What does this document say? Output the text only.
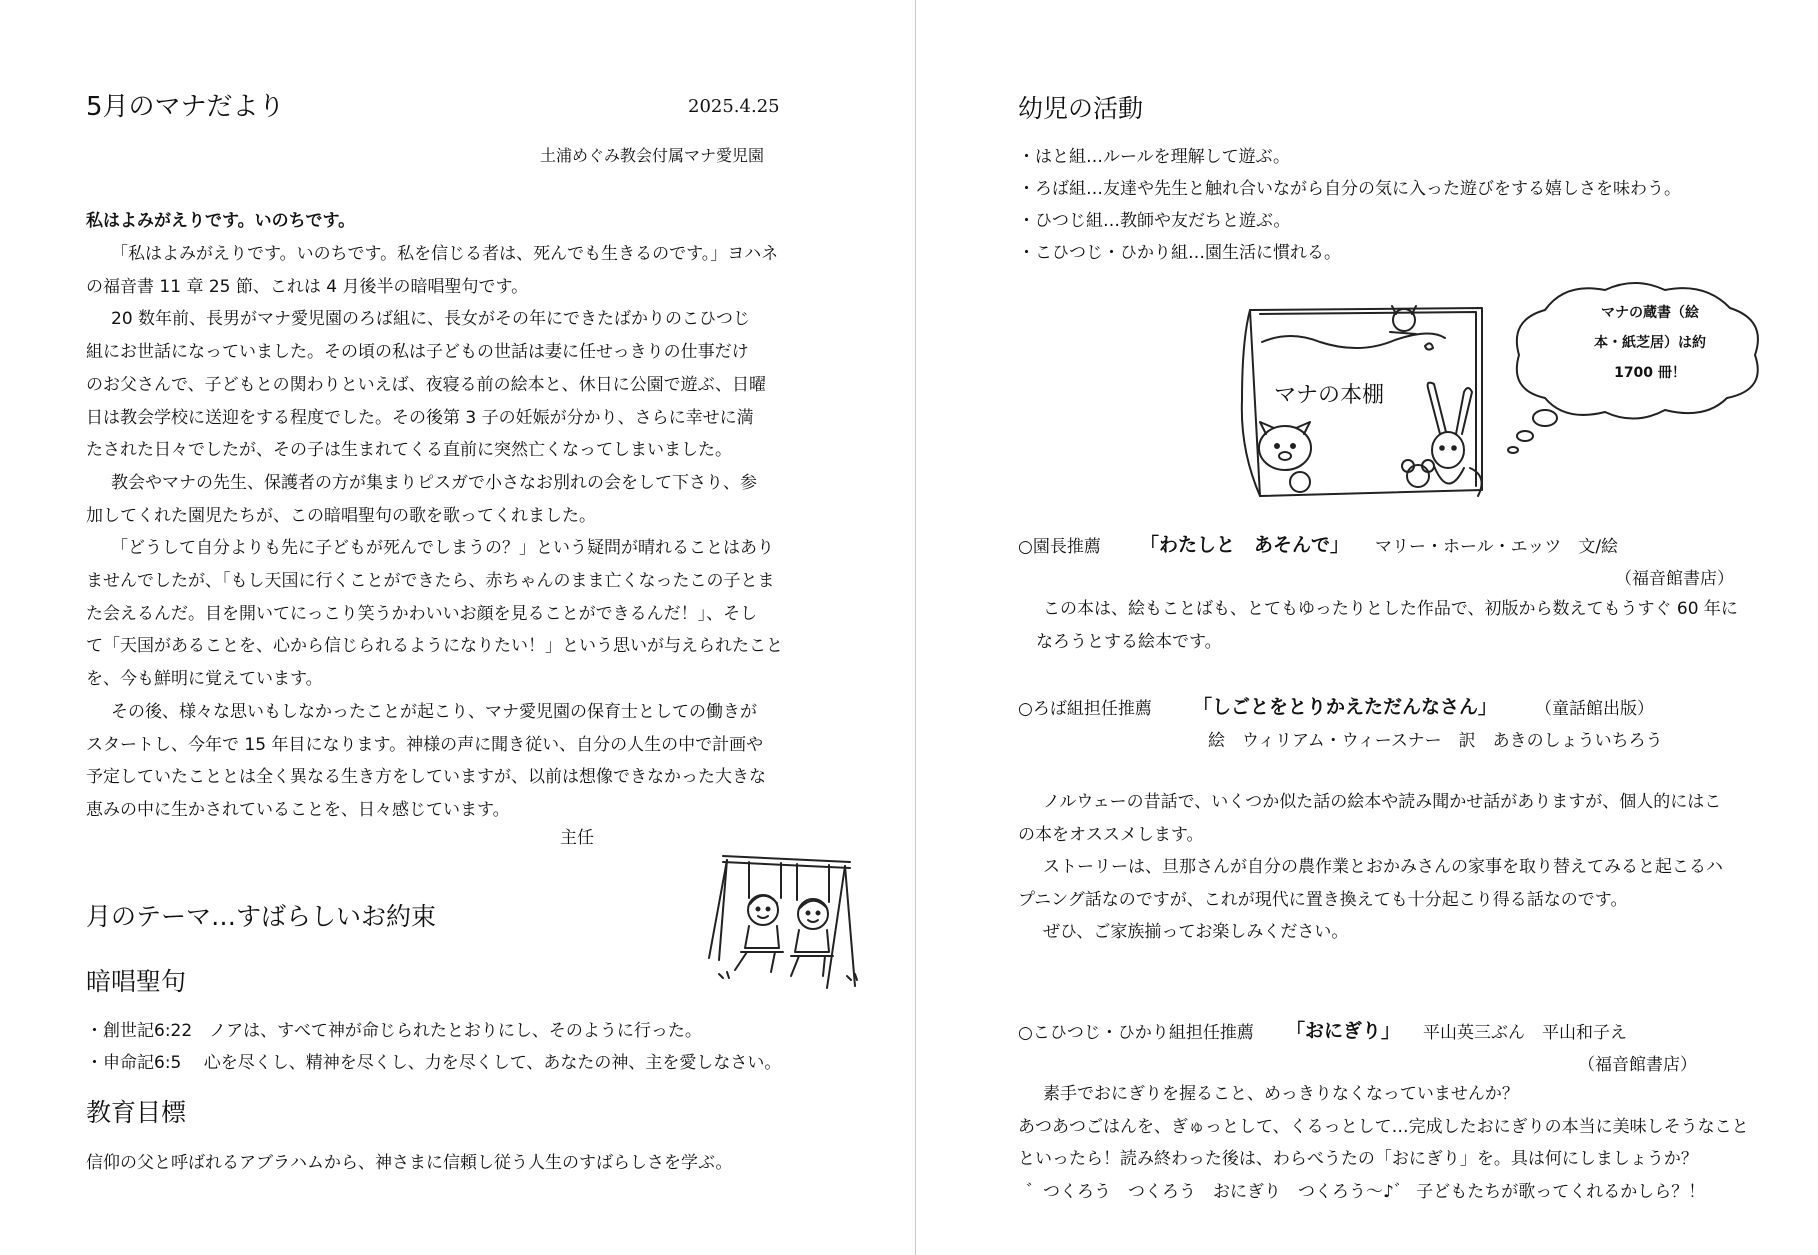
5月のマナだより	2025.4.25
土浦めぐみ教会付属マナ愛児園
私はよみがえりです。いのちです。
「私はよみがえりです。いのちです。私を信じる者は、死んでも生きるのです。」ヨハネ
の福音書 11 章 25 節、これは 4 月後半の暗唱聖句です。
20 数年前、長男がマナ愛児園のろば組に、長女がその年にできたばかりのこひつじ
組にお世話になっていました。その頃の私は子どもの世話は妻に任せっきりの仕事だけ
のお父さんで、子どもとの関わりといえば、夜寝る前の絵本と、休日に公園で遊ぶ、日曜
日は教会学校に送迎をする程度でした。その後第 3 子の妊娠が分かり、さらに幸せに満
たされた日々でしたが、その子は生まれてくる直前に突然亡くなってしまいました。
教会やマナの先生、保護者の方が集まりピスガで小さなお別れの会をして下さり、参
加してくれた園児たちが、この暗唱聖句の歌を歌ってくれました。
「どうして自分よりも先に子どもが死んでしまうの？」という疑問が晴れることはあり
ませんでしたが、「もし天国に行くことができたら、赤ちゃんのまま亡くなったこの子とま
た会えるんだ。目を開いてにっこり笑うかわいいお顔を見ることができるんだ！」、そし
て「天国があることを、心から信じられるようになりたい！」という思いが与えられたこと
を、今も鮮明に覚えています。
その後、様々な思いもしなかったことが起こり、マナ愛児園の保育士としての働きが
スタートし、今年で 15 年目になります。神様の声に聞き従い、自分の人生の中で計画や
予定していたこととは全く異なる生き方をしていますが、以前は想像できなかった大きな
恵みの中に生かされていることを、日々感じています。
主任
月のテーマ…すばらしいお約束
暗唱聖句
・創世記6:22　ノアは、すべて神が命じられたとおりにし、そのように行った。
・申命記6:5　 心を尽くし、精神を尽くし、力を尽くして、あなたの神、主を愛しなさい。
教育目標
信仰の父と呼ばれるアブラハムから、神さまに信頼し従う人生のすばらしさを学ぶ。
幼児の活動
・はと組…ルールを理解して遊ぶ。
・ろば組…友達や先生と触れ合いながら自分の気に入った遊びをする嬉しさを味わう。
・ひつじ組…教師や友だちと遊ぶ。
・こひつじ・ひかり組…園生活に慣れる。
マナの本棚
マナの蔵書（絵
本・紙芝居）は約
1700 冊！
○園長推薦 「わたしと　あそんで」 マリー・ホール・エッツ　文/絵
（福音館書店）
この本は、絵もことばも、とてもゆったりとした作品で、初版から数えてもうすぐ 60 年に
なろうとする絵本です。
○ろば組担任推薦 「しごとをとりかえただんなさん」 （童話館出版）
絵　ウィリアム・ウィースナー　訳　あきのしょういちろう
ノルウェーの昔話で、いくつか似た話の絵本や読み聞かせ話がありますが、個人的にはこ
の本をオススメします。
ストーリーは、旦那さんが自分の農作業とおかみさんの家事を取り替えてみると起こるハ
プニング話なのですが、これが現代に置き換えても十分起こり得る話なのです。
ぜひ、ご家族揃ってお楽しみください。
○こひつじ・ひかり組担任推薦 「おにぎり」 平山英三ぶん　平山和子え
（福音館書店）
素手でおにぎりを握ること、めっきりなくなっていませんか？
あつあつごはんを、ぎゅっとして、くるっとして…完成したおにぎりの本当に美味しそうなこと
といったら！読み終わった後は、わらべうたの「おにぎり」を。具は何にしましょうか？
゛つくろう　つくろう　おにぎり　つくろう～♪゛ 子どもたちが歌ってくれるかしら？！
